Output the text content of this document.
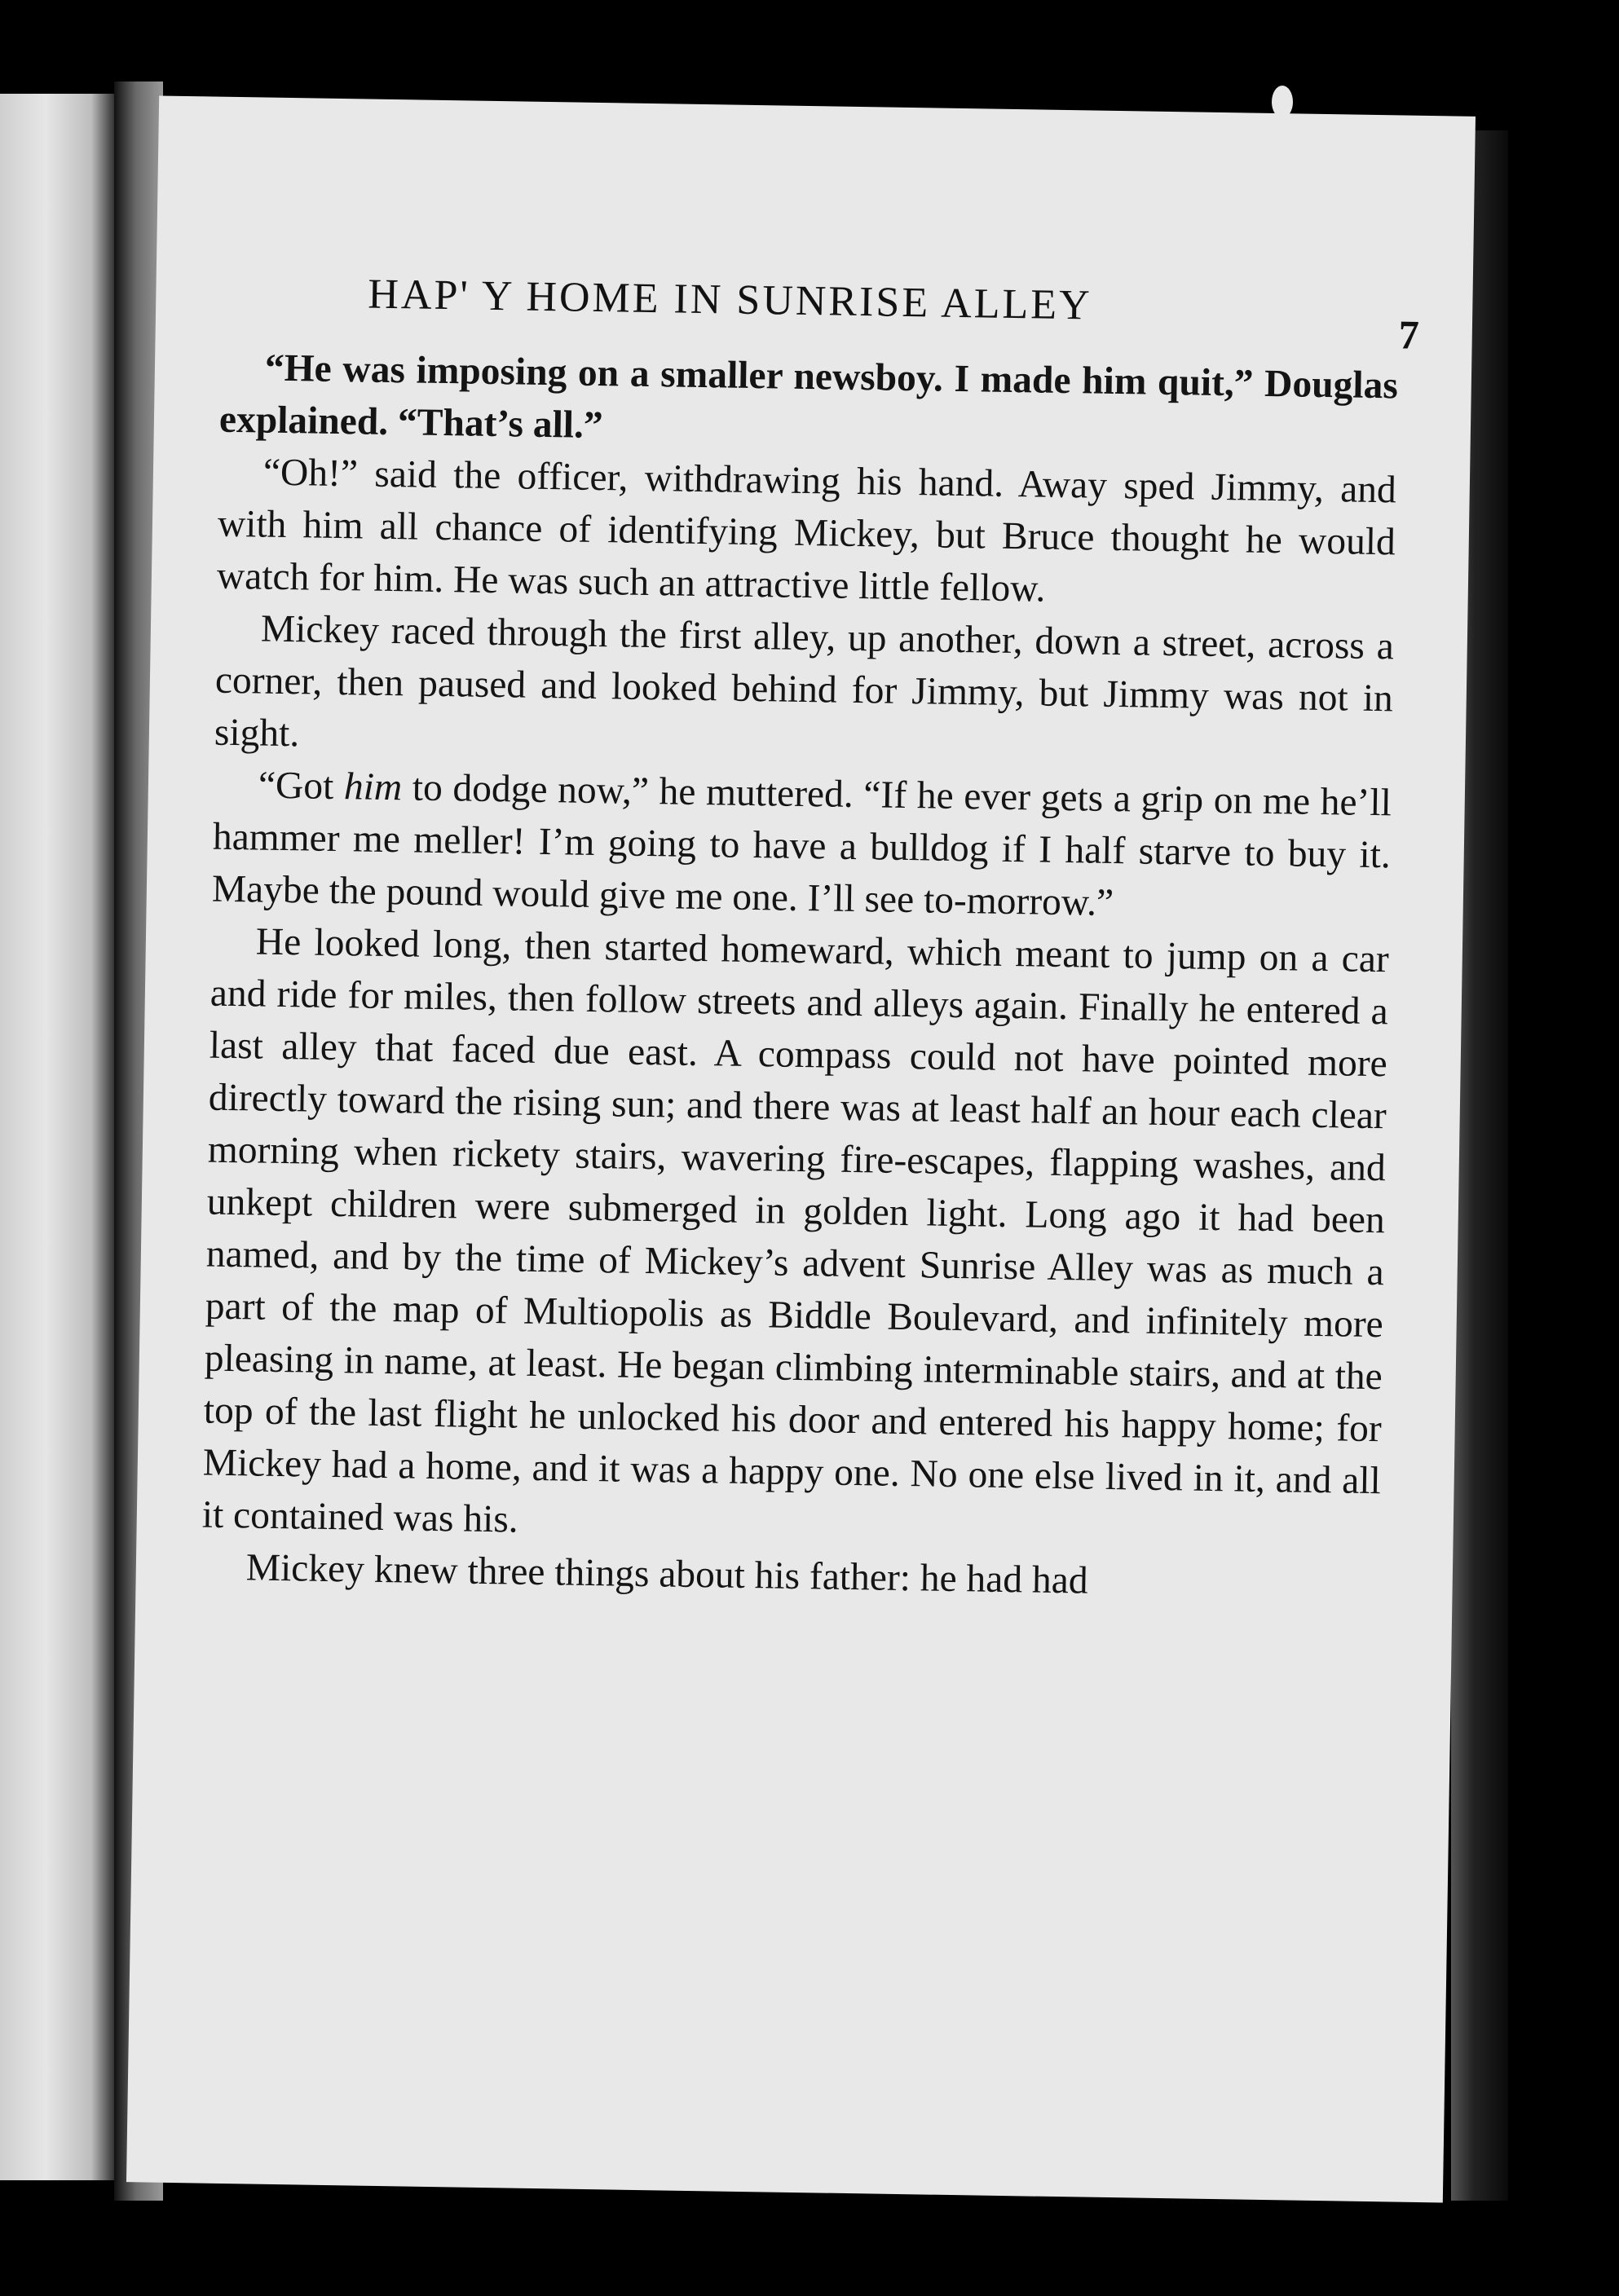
HAP' Y HOME IN SUNRISE ALLEY
7

“He was imposing on a smaller newsboy. I made him quit,” Douglas explained. “That’s all.”

“Oh!” said the officer, withdrawing his hand. Away sped Jimmy, and with him all chance of identifying Mickey, but Bruce thought he would watch for him. He was such an attractive little fellow.

Mickey raced through the first alley, up another, down a street, across a corner, then paused and looked behind for Jimmy, but Jimmy was not in sight.

“Got him to dodge now,” he muttered. “If he ever gets a grip on me he’ll hammer me meller! I’m going to have a bulldog if I half starve to buy it. Maybe the pound would give me one. I’ll see to-morrow.”

He looked long, then started homeward, which meant to jump on a car and ride for miles, then follow streets and alleys again. Finally he entered a last alley that faced due east. A compass could not have pointed more directly toward the rising sun; and there was at least half an hour each clear morning when rickety stairs, wavering fire-escapes, flapping washes, and unkept children were submerged in golden light. Long ago it had been named, and by the time of Mickey’s advent Sunrise Alley was as much a part of the map of Multiopolis as Biddle Boulevard, and infinitely more pleasing in name, at least. He began climbing interminable stairs, and at the top of the last flight he unlocked his door and entered his happy home; for Mickey had a home, and it was a happy one. No one else lived in it, and all it contained was his.

Mickey knew three things about his father: he had had
